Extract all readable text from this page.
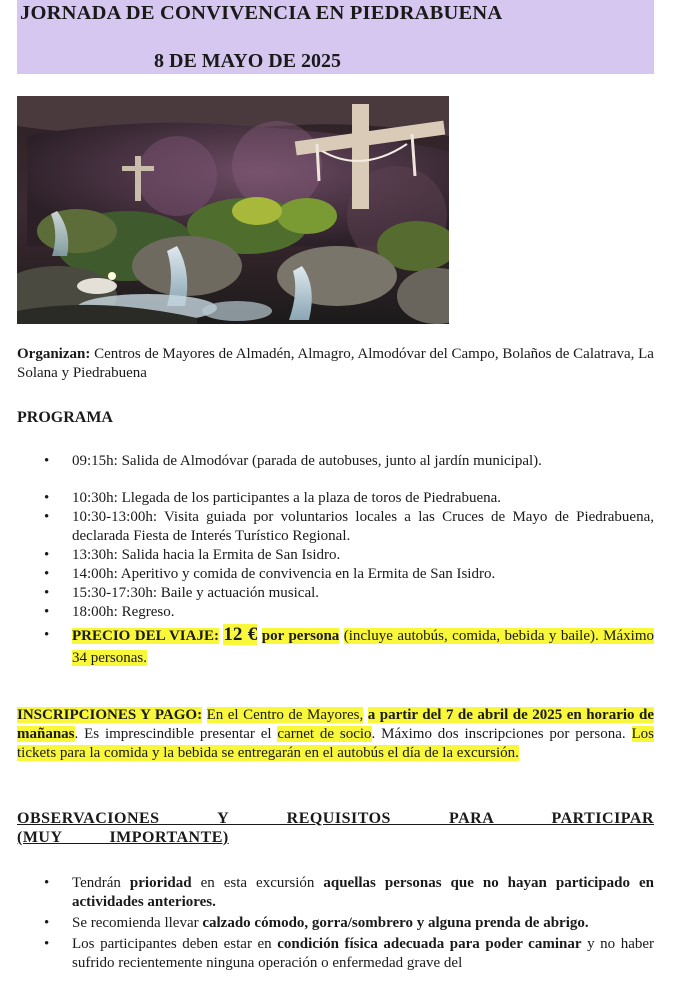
JORNADA DE CONVIVENCIA EN PIEDRABUENA
8 DE MAYO DE 2025
Organizan: Centros de Mayores de Almadén, Almagro, Almodóvar del Campo, Bolaños de Calatrava, La Solana y Piedrabuena
PROGRAMA
• 09:15h: Salida de Almodóvar (parada de autobuses, junto al jardín municipal).
• 10:30h: Llegada de los participantes a la plaza de toros de Piedrabuena.
• 10:30-13:00h: Visita guiada por voluntarios locales a las Cruces de Mayo de Piedrabuena, declarada Fiesta de Interés Turístico Regional.
• 13:30h: Salida hacia la Ermita de San Isidro.
• 14:00h: Aperitivo y comida de convivencia en la Ermita de San Isidro.
• 15:30-17:30h: Baile y actuación musical.
• 18:00h: Regreso.
• PRECIO DEL VIAJE: 12 € por persona (incluye autobús, comida, bebida y baile). Máximo 34 personas.
INSCRIPCIONES Y PAGO: En el Centro de Mayores, a partir del 7 de abril de 2025 en horario de mañanas. Es imprescindible presentar el carnet de socio. Máximo dos inscripciones por persona. Los tickets para la comida y la bebida se entregarán en el autobús el día de la excursión.
OBSERVACIONES Y REQUISITOS PARA PARTICIPAR (MUY IMPORTANTE)
• Tendrán prioridad en esta excursión aquellas personas que no hayan participado en actividades anteriores.
• Se recomienda llevar calzado cómodo, gorra/sombrero y alguna prenda de abrigo.
• Los participantes deben estar en condición física adecuada para poder caminar y no haber sufrido recientemente ninguna operación o enfermedad grave del
